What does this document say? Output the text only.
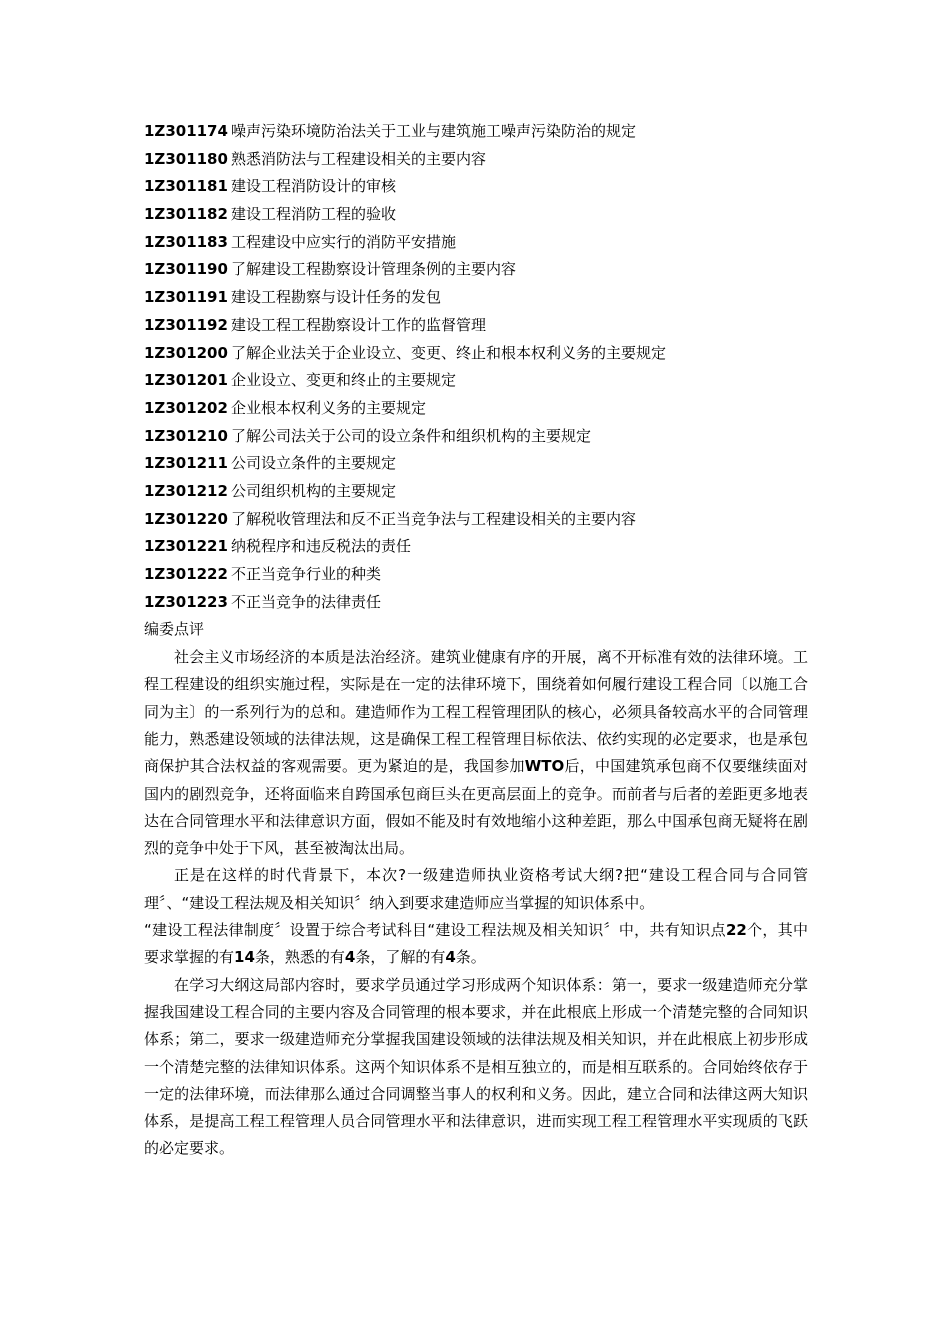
1Z301174 噪声污染环境防治法关于工业与建筑施工噪声污染防治的规定
1Z301180 熟悉消防法与工程建设相关的主要内容
1Z301181 建设工程消防设计的审核
1Z301182 建设工程消防工程的验收
1Z301183 工程建设中应实行的消防平安措施
1Z301190 了解建设工程勘察设计管理条例的主要内容
1Z301191 建设工程勘察与设计任务的发包
1Z301192 建设工程工程勘察设计工作的监督管理
1Z301200 了解企业法关于企业设立、变更、终止和根本权利义务的主要规定
1Z301201 企业设立、变更和终止的主要规定
1Z301202 企业根本权利义务的主要规定
1Z301210 了解公司法关于公司的设立条件和组织机构的主要规定
1Z301211 公司设立条件的主要规定
1Z301212 公司组织机构的主要规定
1Z301220 了解税收管理法和反不正当竞争法与工程建设相关的主要内容
1Z301221 纳税程序和违反税法的责任
1Z301222 不正当竞争行业的种类
1Z301223 不正当竞争的法律责任
编委点评

社会主义市场经济的本质是法治经济。建筑业健康有序的开展，离不开标准有效的法律环境。工程工程建设的组织实施过程，实际是在一定的法律环境下，围绕着如何履行建设工程合同〔以施工合同为主〕的一系列行为的总和。建造师作为工程工程管理团队的核心，必须具备较高水平的合同管理能力，熟悉建设领域的法律法规，这是确保工程工程管理目标依法、依约实现的必定要求，也是承包商保护其合法权益的客观需要。更为紧迫的是，我国参加WTO后，中国建筑承包商不仅要继续面对国内的剧烈竞争，还将面临来自跨国承包商巨头在更高层面上的竞争。而前者与后者的差距更多地表达在合同管理水平和法律意识方面，假如不能及时有效地缩小这种差距，那么中国承包商无疑将在剧烈的竞争中处于下风，甚至被淘汰出局。

正是在这样的时代背景下，本次?一级建造师执业资格考试大纲?把“建设工程合同与合同管理〞、“建设工程法规及相关知识〞纳入到要求建造师应当掌握的知识体系中。

“建设工程法律制度〞设置于综合考试科目“建设工程法规及相关知识〞中，共有知识点22个，其中要求掌握的有14条，熟悉的有4条，了解的有4条。

在学习大纲这局部内容时，要求学员通过学习形成两个知识体系：第一，要求一级建造师充分掌握我国建设工程合同的主要内容及合同管理的根本要求，并在此根底上形成一个清楚完整的合同知识体系；第二，要求一级建造师充分掌握我国建设领域的法律法规及相关知识，并在此根底上初步形成一个清楚完整的法律知识体系。这两个知识体系不是相互独立的，而是相互联系的。合同始终依存于一定的法律环境，而法律那么通过合同调整当事人的权利和义务。因此，建立合同和法律这两大知识体系，是提高工程工程管理人员合同管理水平和法律意识，进而实现工程工程管理水平实现质的飞跃的必定要求。
